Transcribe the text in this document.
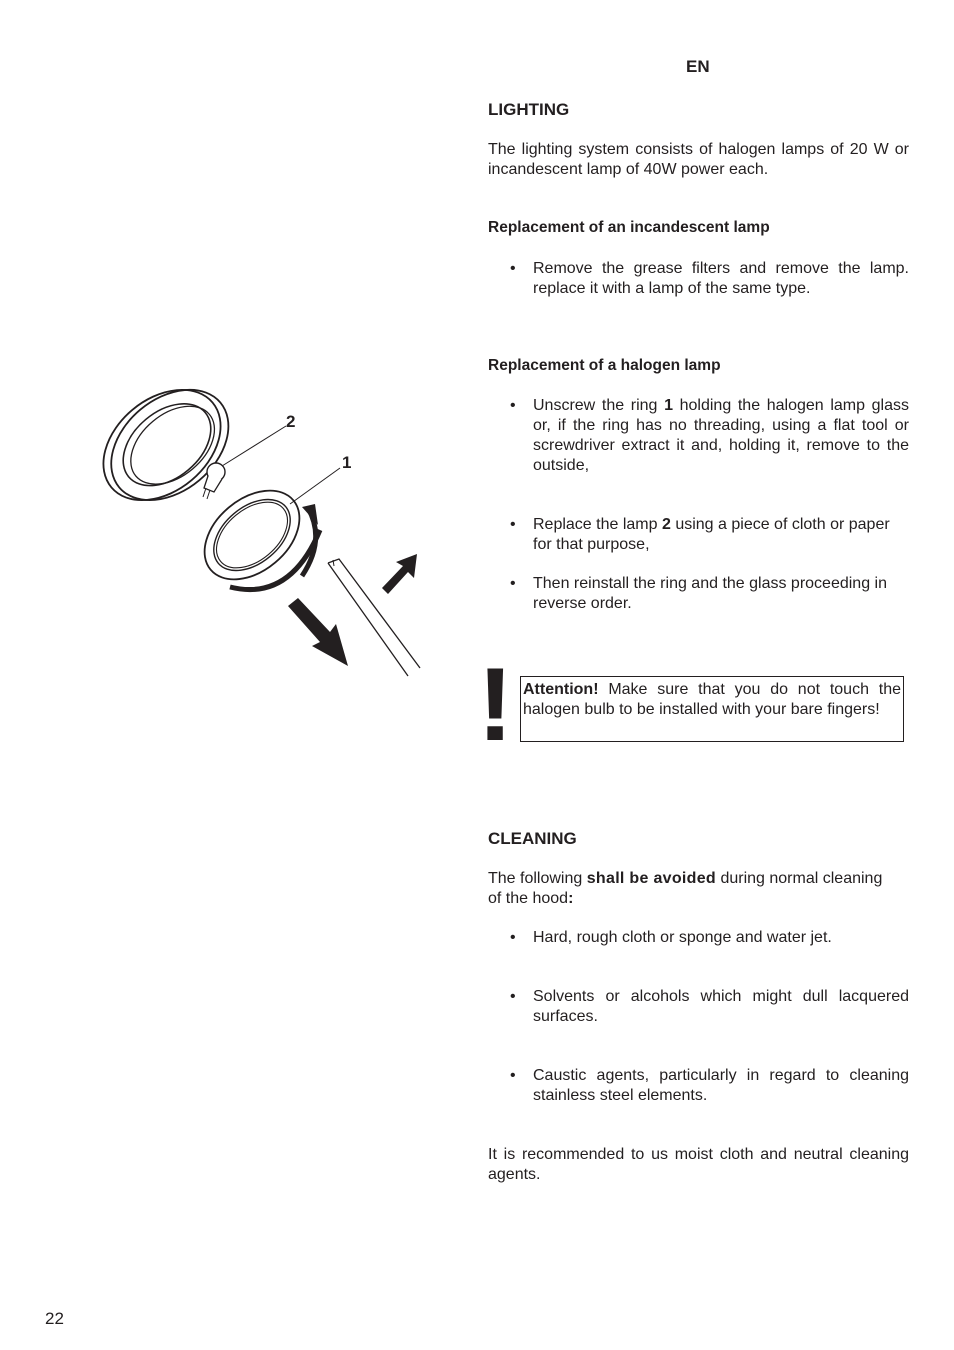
EN
LIGHTING
The lighting system consists of halogen lamps of 20 W or incandescent lamp of 40W power each.
Replacement of an incandescent lamp
• Remove the grease filters and remove the lamp. replace it with a lamp of the same type.
Replacement of a halogen lamp
• Unscrew the ring 1 holding the halogen lamp glass or, if the ring has no threading, using a flat tool or screwdriver extract it and, holding it, remove to the outside,
• Replace the lamp 2 using a piece of cloth or paper for that purpose,
• Then reinstall the ring and the glass proceeding in reverse order.
! Attention! Make sure that you do not touch the halogen bulb to be installed with your bare fingers!
CLEANING
The following shall be avoided during normal cleaning of the hood:
• Hard, rough cloth or sponge and water jet.
• Solvents or alcohols which might dull lacquered surfaces.
• Caustic agents, particularly in regard to cleaning stainless steel elements.
It is recommended to us moist cloth and neutral cleaning agents.
22
2
1
